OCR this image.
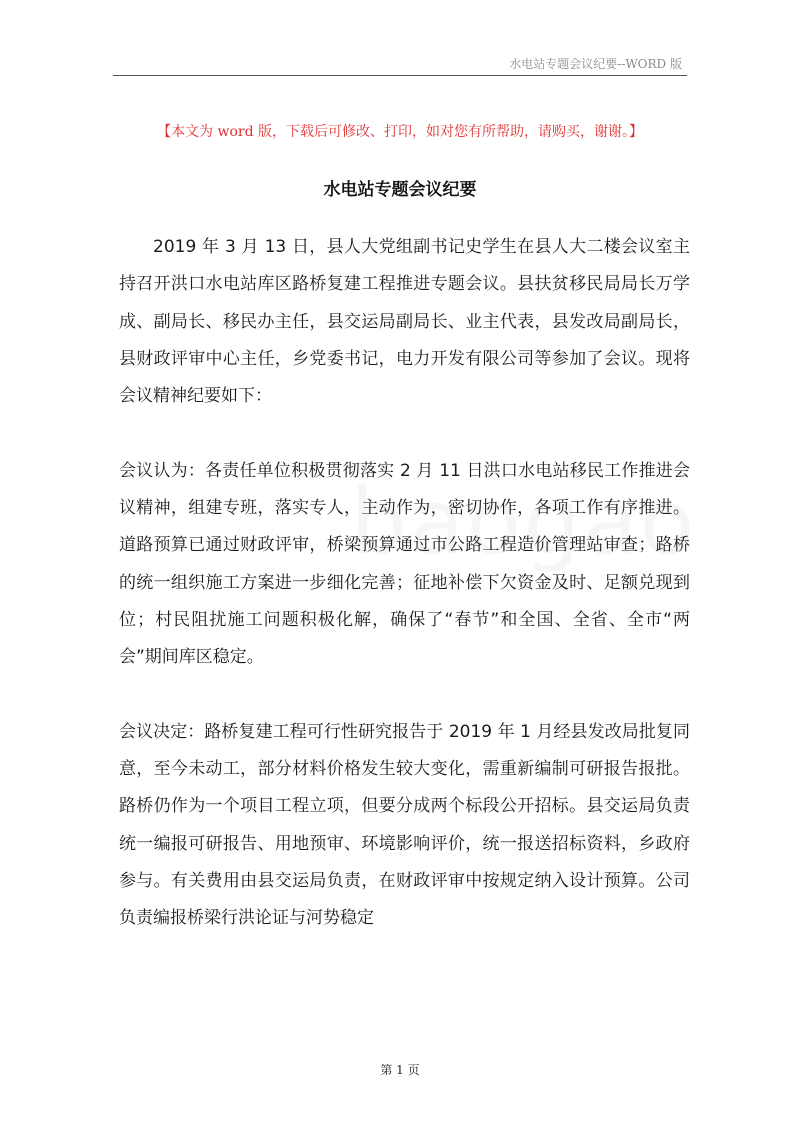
水电站专题会议纪要--WORD 版
【本文为 word 版，下载后可修改、打印，如对您有所帮助，请购买，谢谢。】
水电站专题会议纪要

2019 年 3 月 13 日，县人大党组副书记史学生在县人大二楼会议室主持召开洪口水电站库区路桥复建工程推进专题会议。县扶贫移民局局长万学成、副局长、移民办主任，县交运局副局长、业主代表，县发改局副局长，县财政评审中心主任，乡党委书记，电力开发有限公司等参加了会议。现将会议精神纪要如下：

会议认为：各责任单位积极贯彻落实 2 月 11 日洪口水电站移民工作推进会议精神，组建专班，落实专人，主动作为，密切协作，各项工作有序推进。道路预算已通过财政评审，桥梁预算通过市公路工程造价管理站审查；路桥的统一组织施工方案进一步细化完善；征地补偿下欠资金及时、足额兑现到位；村民阻扰施工问题积极化解，确保了“春节”和全国、全省、全市“两会”期间库区稳定。

会议决定：路桥复建工程可行性研究报告于 2019 年 1 月经县发改局批复同意，至今未动工，部分材料价格发生较大变化，需重新编制可研报告报批。路桥仍作为一个项目工程立项，但要分成两个标段公开招标。县交运局负责统一编报可研报告、用地预审、环境影响评价，统一报送招标资料，乡政府参与。有关费用由县交运局负责，在财政评审中按规定纳入设计预算。公司负责编报桥梁行洪论证与河势稳定

第 1 页
